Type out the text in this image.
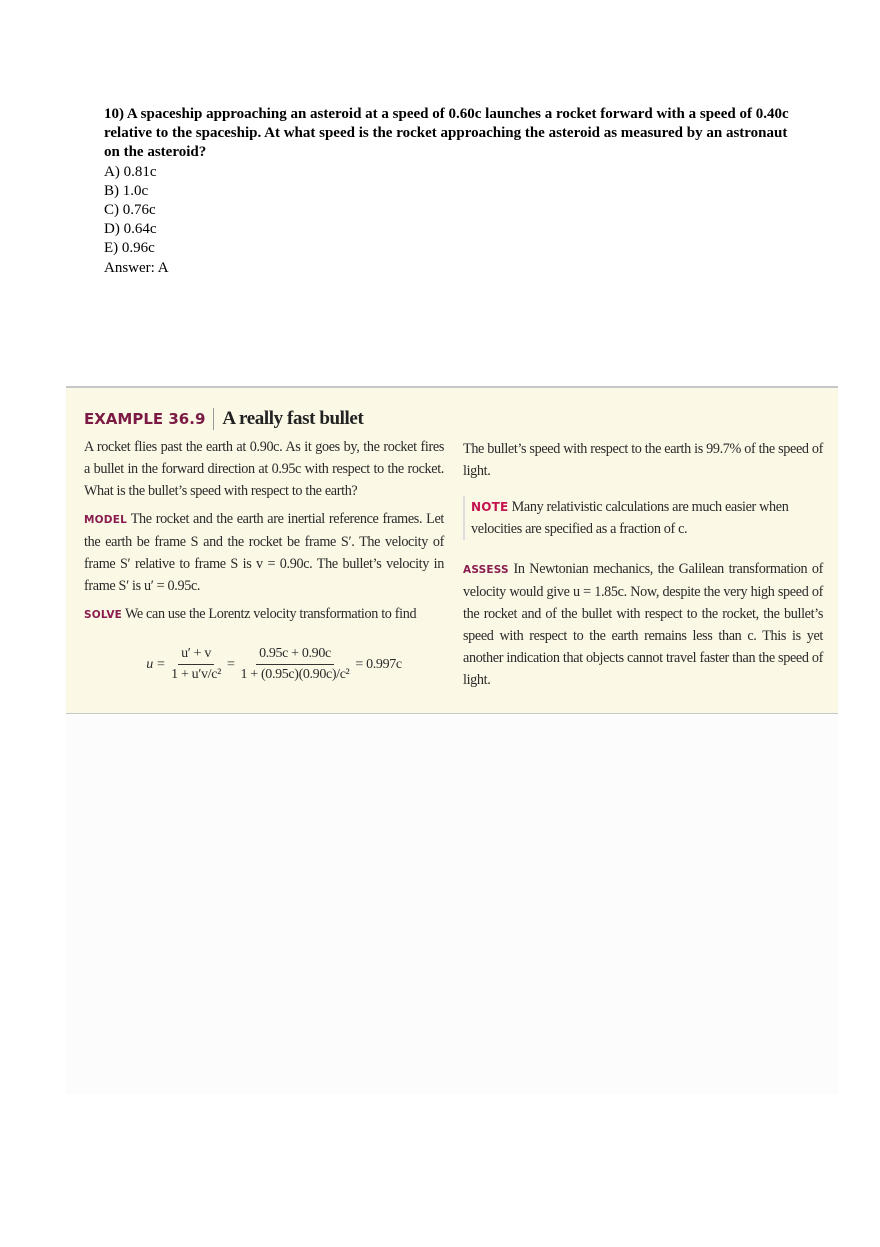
10) A spaceship approaching an asteroid at a speed of 0.60c launches a rocket forward with a speed of 0.40c relative to the spaceship. At what speed is the rocket approaching the asteroid as measured by an astronaut on the asteroid?
A) 0.81c
B) 1.0c
C) 0.76c
D) 0.64c
E) 0.96c
Answer: A
EXAMPLE 36.9 A really fast bullet

A rocket flies past the earth at 0.90c. As it goes by, the rocket fires a bullet in the forward direction at 0.95c with respect to the rocket. What is the bullet’s speed with respect to the earth?

MODEL The rocket and the earth are inertial reference frames. Let the earth be frame S and the rocket be frame S′. The velocity of frame S′ relative to frame S is v = 0.90c. The bullet’s velocity in frame S′ is u′ = 0.95c.

SOLVE We can use the Lorentz velocity transformation to find

$u = \frac{u' + v}{\text{1 + u′v/c²}} = \frac{0.95c + 0.90c}{\text{1 + (0.95c)(0.90c)/c²}} = 0.997c$

The bullet’s speed with respect to the earth is 99.7% of the speed of light.

NOTE Many relativistic calculations are much easier when velocities are specified as a fraction of c.

ASSESS In Newtonian mechanics, the Galilean transformation of velocity would give u = 1.85c. Now, despite the very high speed of the rocket and of the bullet with respect to the rocket, the bullet’s speed with respect to the earth remains less than c. This is yet another indication that objects cannot travel faster than the speed of light.
